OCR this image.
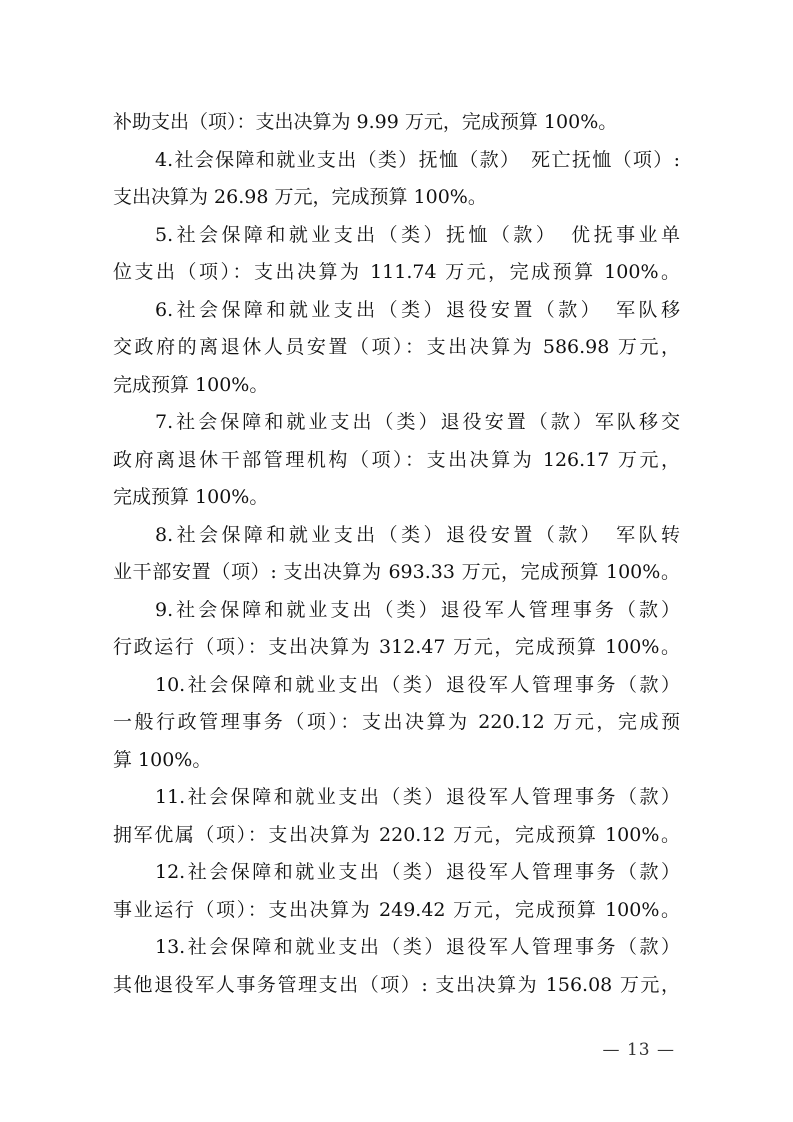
补助支出（项）：支出决算为 9.99 万元，完成预算 100%。
4.社会保障和就业支出（类）抚恤（款）　死亡抚恤（项）:
支出决算为 26.98 万元，完成预算 100%。
5.社会保障和就业支出（类）抚恤（款）　优抚事业单
位支出（项）：支出决算为 111.74 万元，完成预算 100%。
6.社会保障和就业支出（类）退役安置（款）　军队移
交政府的离退休人员安置（项）：支出决算为 586.98 万元，
完成预算 100%。
7.社会保障和就业支出（类）退役安置（款）军队移交
政府离退休干部管理机构（项）：支出决算为 126.17 万元，
完成预算 100%。
8.社会保障和就业支出（类）退役安置（款）　军队转
业干部安置（项）: 支出决算为 693.33 万元，完成预算 100%。
9.社会保障和就业支出（类）退役军人管理事务（款）
行政运行（项）：支出决算为 312.47 万元，完成预算 100%。
10.社会保障和就业支出（类）退役军人管理事务（款）
一般行政管理事务（项）：支出决算为 220.12 万元，完成预
算 100%。
11.社会保障和就业支出（类）退役军人管理事务（款）
拥军优属（项）：支出决算为 220.12 万元，完成预算 100%。
12.社会保障和就业支出（类）退役军人管理事务（款）
事业运行（项）：支出决算为 249.42 万元，完成预算 100%。
13.社会保障和就业支出（类）退役军人管理事务（款）
其他退役军人事务管理支出（项）: 支出决算为 156.08 万元，
— 13 —
